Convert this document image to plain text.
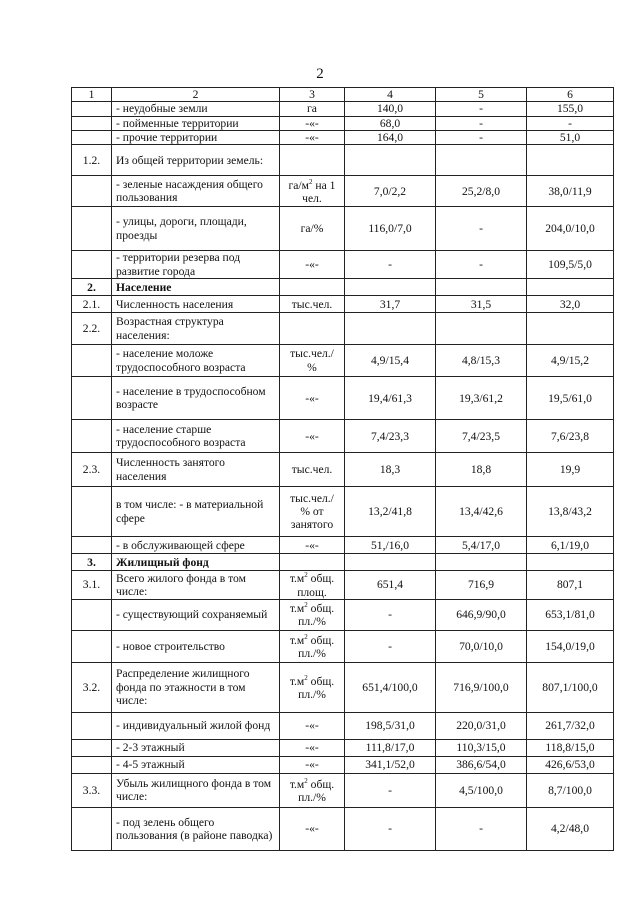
2
1	2	3	4	5	6
	- неудобные земли	га	140,0	-	155,0
	- пойменные территории	-«-	68,0	-	-
	- прочие территории	-«-	164,0	-	51,0
1.2.	Из общей территории земель:				
	- зеленые насаждения общего пользования	$га/м^2$ на 1 чел.	7,0/2,2	25,2/8,0	38,0/11,9
	- улицы, дороги, площади, проезды	га/%	116,0/7,0	-	204,0/10,0
	- территории резерва под развитие города	-«-	-	-	109,5/5,0
2.	Население				
2.1.	Численность населения	тыс.чел.	31,7	31,5	32,0
2.2.	Возрастная структура населения:				
	- население моложе трудоспособного возраста	тыс.чел./ %	4,9/15,4	4,8/15,3	4,9/15,2
	- население в трудоспособном возрасте	-«-	19,4/61,3	19,3/61,2	19,5/61,0
	- население старше трудоспособного возраста	-«-	7,4/23,3	7,4/23,5	7,6/23,8
2.3.	Численность занятого населения	тыс.чел.	18,3	18,8	19,9
	в том числе: - в материальной сфере	тыс.чел./ % от занятого	13,2/41,8	13,4/42,6	13,8/43,2
	- в обслуживающей сфере	-«-	51,/16,0	5,4/17,0	6,1/19,0
3.	Жилищный фонд				
3.1.	Всего жилого фонда в том числе:	$т.м^2$ общ. площ.	651,4	716,9	807,1
	- существующий сохраняемый	$т.м^2$ общ. пл./%	-	646,9/90,0	653,1/81,0
	- новое строительство	$т.м^2$ общ. пл./%	-	70,0/10,0	154,0/19,0
3.2.	Распределение жилищного фонда по этажности в том числе:	$т.м^2$ общ. пл./%	651,4/100,0	716,9/100,0	807,1/100,0
	- индивидуальный жилой фонд	-«-	198,5/31,0	220,0/31,0	261,7/32,0
	- 2-3 этажный	-«-	111,8/17,0	110,3/15,0	118,8/15,0
	- 4-5 этажный	-«-	341,1/52,0	386,6/54,0	426,6/53,0
3.3.	Убыль жилищного фонда в том числе:	$т.м^2$ общ. пл./%	-	4,5/100,0	8,7/100,0
	- под зелень общего пользования (в районе паводка)	-«-	-	-	4,2/48,0
